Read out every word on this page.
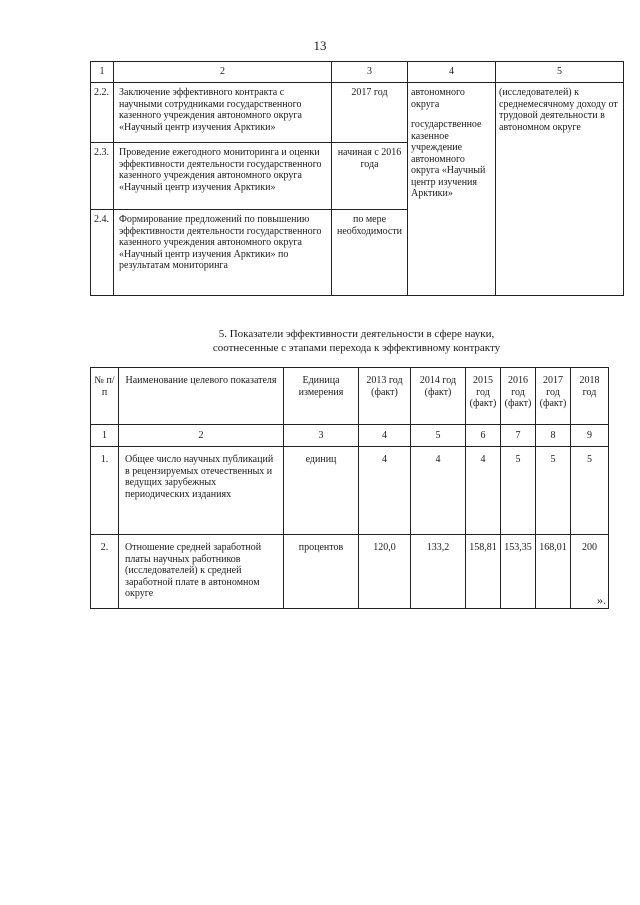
13
1	2	3	4	5
2.2.	Заключение эффективного контракта с научными сотрудниками государственного казенного учреждения автономного округа «Научный центр изучения Арктики»	2017 год	автономного округа
государственное казенное учреждение автономного округа «Научный центр изучения Арктики»	(исследователей) к среднемесячному доходу от трудовой деятельности в автономном округе
2.3.	Проведение ежегодного мониторинга и оценки эффективности деятельности государственного казенного учреждения автономного округа «Научный центр изучения Арктики»	начиная с 2016 года		
2.4.	Формирование предложений по повышению эффективности деятельности государственного казенного учреждения автономного округа «Научный центр изучения Арктики» по результатам мониторинга	по мере необходимости		
5. Показатели эффективности деятельности в сфере науки,
соотнесенные с этапами перехода к эффективному контракту
№ п/п	Наименование целевого показателя	Единица измерения	2013 год (факт)	2014 год (факт)	2015 год (факт)	2016 год (факт)	2017 год (факт)	2018 год
1	2	3	4	5	6	7	8	9
1.	Общее число научных публикаций в рецензируемых отечественных и ведущих зарубежных периодических изданиях	единиц	4	4	4	5	5	5
2.	Отношение средней заработной платы научных работников (исследователей) к средней заработной плате в автономном округе	процентов	120,0	133,2	158,81	153,35	168,01	200
».
